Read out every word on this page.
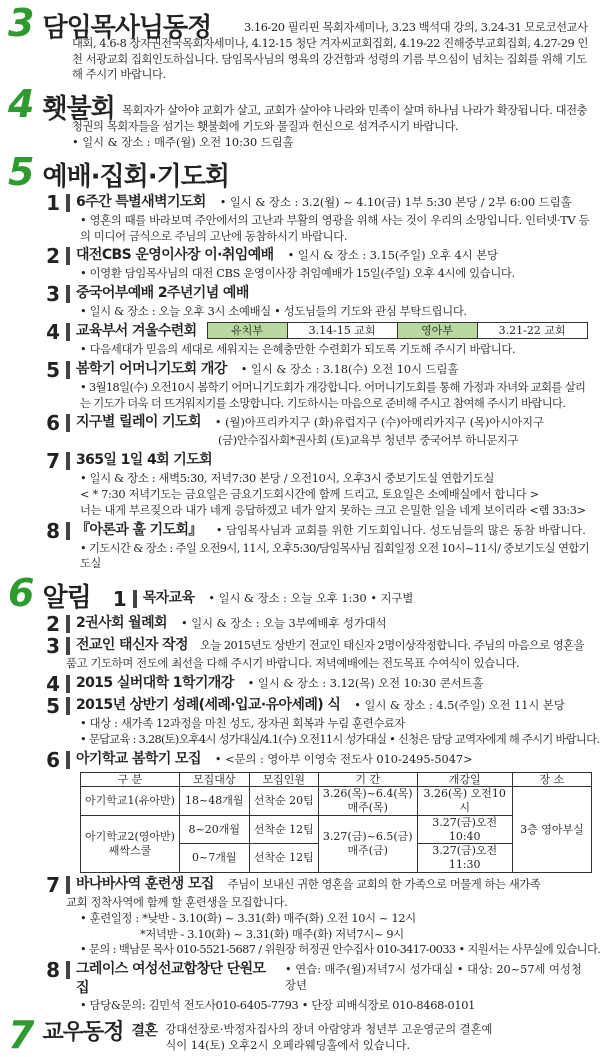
3 담임목사님동정	3.16-20 필리핀 목회자세미나, 3.23 백석대 강의, 3.24-31 모로코선교사대회, 4.6-8 장자권전국목회자세미나, 4.12-15 청단 겨자씨교회집회, 4.19-22 진해중부교회집회, 4.27-29 인천 서광교회 집회인도하십니다. 담임목사님의 영육의 강건함과 성령의 기름 부으심이 넘치는 집회를 위해 기도해 주시기 바랍니다.
4 횃불회 목회자가 살아야 교회가 살고, 교회가 살아야 나라와 민족이 살며 하나님 나라가 확장됩니다. 대전충청권의 목회자들을 섬기는 횃불회에 기도와 물질과 헌신으로 섬겨주시기 바랍니다.
• 일시 & 장소 : 매주(월) 오전 10:30 드림홀
5 예배·집회·기도회
1 6주간 특별새벽기도회 • 일시 & 장소 : 3.2(월) ~ 4.10(금) 1부 5:30 본당 / 2부 6:00 드림홀
• 영혼의 때를 바라보며 주안에서의 고난과 부활의 영광을 위해 사는 것이 우리의 소망입니다. 인터넷·TV 등의 미디어 금식으로 주님의 고난에 동참하시기 바랍니다.
2 대전CBS 운영이사장 이·취임예배 • 일시 & 장소 : 3.15(주일) 오후 4시 본당
• 이영환 담임목사님의 대전 CBS 운영이사장 취임예배가 15일(주일) 오후 4시에 있습니다.
3 중국어부예배 2주년기념 예배
• 일시 & 장소 : 오늘 오후 3시 소예배실 • 성도님들의 기도와 관심 부탁드립니다.
4 교육부서 겨울수련회	유치부	3.14-15 교회	영아부	3.21-22 교회
• 다음세대가 믿음의 세대로 세워지는 은혜충만한 수련회가 되도록 기도해 주시기 바랍니다.
5 봄학기 어머니기도회 개강 • 일시 & 장소 : 3.18(수) 오전 10시 드림홀
• 3월18일(수) 오전10시 봄학기 어머니기도회가 개강합니다. 어머니기도회를 통해 가정과 자녀와 교회를 살리는 기도가 더욱 더 뜨거워지기를 소망합니다. 기도하시는 마음으로 준비해 주시고 참여해 주시기 바랍니다.
6 지구별 릴레이 기도회 • (월)아프리카지구 (화)유럽지구 (수)아메리카지구 (목)아시아지구
(금)안수집사회*권사회 (토)교육부 청년부 중국어부 하니문지구
7 365일 1일 4회 기도회
• 일시 & 장소 : 새벽5:30, 저녁7:30 본당 / 오전10시, 오후3시 중보기도실 연합기도실
< * 7:30 저녁기도는 금요일은 금요기도회시간에 함께 드리고, 토요일은 소예배실에서 합니다 >
너는 내게 부르짖으라 내가 네게 응답하겠고 네가 알지 못하는 크고 은밀한 일을 네게 보이리라 <렘 33:3>
8 『아론과 훌 기도회』 • 담임목사님과 교회를 위한 기도회입니다. 성도님들의 많은 동참 바랍니다.
• 기도시간 & 장소 : 주일 오전9시, 11시, 오후5:30/담임목사님 집회일정 오전 10시~11시/ 중보기도실 연합기도실
6 알림	1 목자교육 • 일시 & 장소 : 오늘 오후 1:30 • 지구별
2 2권사회 월례회 • 일시 & 장소 : 오늘 3부예배후 성가대석
3 전교인 태신자 작정 오늘 2015년도 상반기 전교인 태신자 2명이상작정합니다. 주님의 마음으로 영혼을
품고 기도하며 전도에 최선을 다해 주시기 바랍니다. 저녁예배에는 전도목표 수여식이 있습니다.
4 2015 실버대학 1학기개강 • 일시 & 장소 : 3.12(목) 오전 10:30 콘서트홀
5 2015년 상반기 성례(세례·입교·유아세례) 식 • 일시 & 장소 : 4.5(주일) 오전 11시 본당
• 대상 : 새가족 12과정을 마친 성도, 장자권 회복과 누림 훈련수료자
• 문답교육 : 3.28(토)오후4시 성가대실/4.1(수) 오전11시 성가대실 • 신청은 담당 교역자에게 해 주시기 바랍니다.
6 아기학교 봄학기 모집 • <문의 : 영아부 이영숙 전도사 010-2495-5047>
구 분	모집대상	모집인원	기 간	개강일	장 소
아기학교1(유아반)	18~48개월	선착순 20팀	3.26(목)~6.4(목) 매주(목)	3.26(목) 오전10시	3층 영아부실
아기학교2(영아반) 쌔싹스쿨	8~20개월	선착순 12팀	3.27(금)~6.5(금) 매주(금)	3.27(금)오전10:40	
	0~7개월	선착순 12팀		3.27(금)오전11:30	
7 바나바사역 훈련생 모집 주님이 보내신 귀한 영혼을 교회의 한 가족으로 머물게 하는 새가족
교회 정착사역에 함께 할 훈련생을 모집합니다.
• 훈련일정 : *낮반 - 3.10(화) ~ 3.31(화) 매주(화) 오전 10시 ~ 12시
*저녁반 - 3.10(화) ~ 3.31(화) 매주(화) 저녁7시~ 9시
• 문의 : 백남문 목사 010-5521-5687 / 위원장 허정권 안수집사 010-3417-0033 • 지원서는 사무실에 있습니다.
8 그레이스 여성선교합창단 단원모집
• 연습: 매주(월)저녁7시 성가대실 • 대상: 20~57세 여성청장년
• 담당&문의: 김민석 전도사010-6405-7793 • 단장 피배식장로 010-8468-0101
7 교우동정 결혼 강대선장로·박정자집사의 장녀 아람양과 청년부 고운영군의 결혼예식이 14(토) 오후2시 오페라웨딩홀에서 있습니다.
